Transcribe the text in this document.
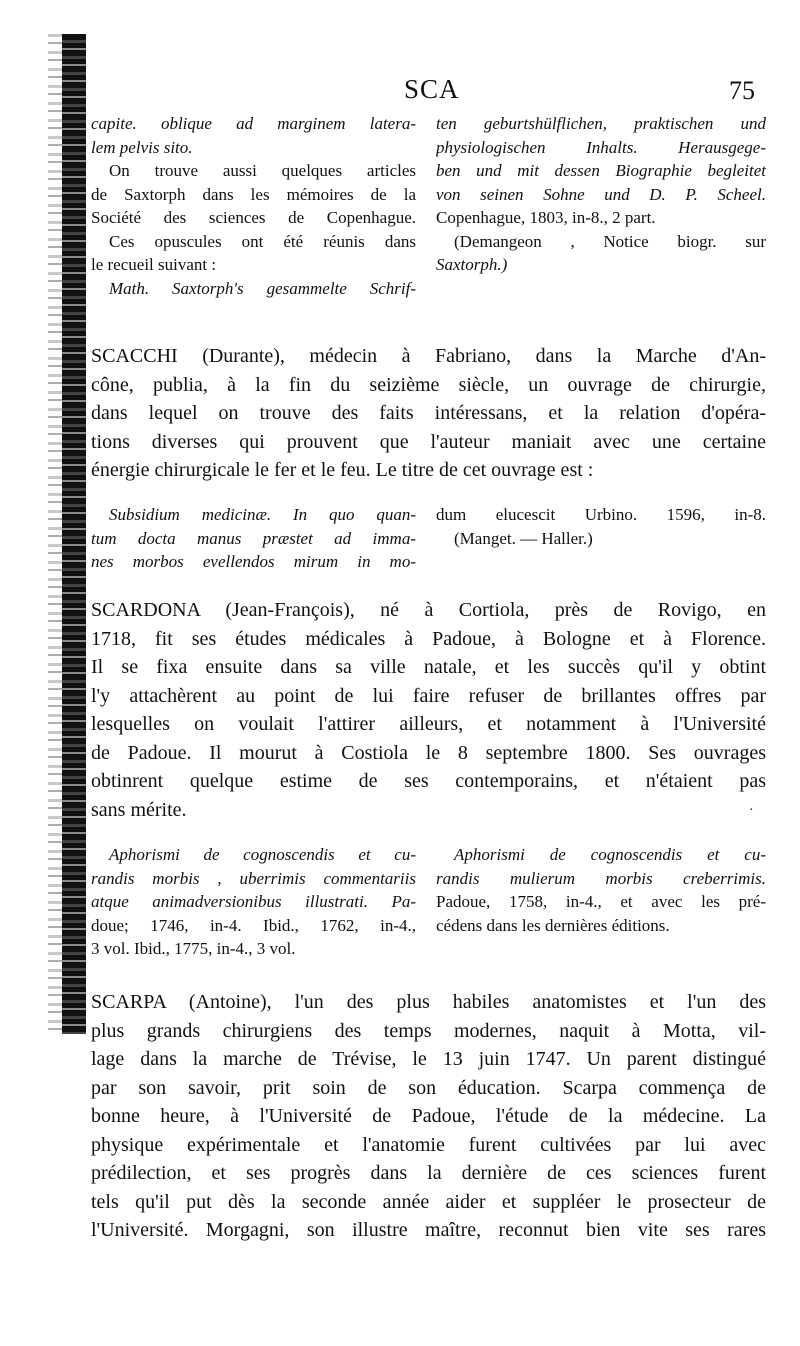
SCA	75
capite. oblique ad marginem latera-
lem pelvis sito.
On trouve aussi quelques articles
de Saxtorph dans les mémoires de la
Société des sciences de Copenhague.
Ces opuscules ont été réunis dans
le recueil suivant :
Math. Saxtorph's gesammelte Schrif-
ten geburtshülflichen, praktischen und
physiologischen Inhalts. Herausgege-
ben und mit dessen Biographie begleitet
von seinen Sohne und D. P. Scheel.
Copenhague, 1803, in-8., 2 part.
(Demangeon , Notice biogr. sur
Saxtorph.)
SCACCHI (Durante), médecin à Fabriano, dans la Marche d'An-
cône, publia, à la fin du seizième siècle, un ouvrage de chirurgie,
dans lequel on trouve des faits intéressans, et la relation d'opéra-
tions diverses qui prouvent que l'auteur maniait avec une certaine
énergie chirurgicale le fer et le feu. Le titre de cet ouvrage est :
Subsidium medicinæ. In quo quan-
tum docta manus præstet ad imma-
nes morbos evellendos mirum in mo-
dum elucescit Urbino. 1596, in-8.
(Manget. — Haller.)
SCARDONA (Jean-François), né à Cortiola, près de Rovigo, en
1718, fit ses études médicales à Padoue, à Bologne et à Florence.
Il se fixa ensuite dans sa ville natale, et les succès qu'il y obtint
l'y attachèrent au point de lui faire refuser de brillantes offres par
lesquelles on voulait l'attirer ailleurs, et notamment à l'Université
de Padoue. Il mourut à Costiola le 8 septembre 1800. Ses ouvrages
obtinrent quelque estime de ses contemporains, et n'étaient pas
sans mérite.	·
Aphorismi de cognoscendis et cu-
randis morbis , uberrimis commentariis
atque animadversionibus illustrati. Pa-
doue; 1746, in-4. Ibid., 1762, in-4.,
3 vol. Ibid., 1775, in-4., 3 vol.
Aphorismi de cognoscendis et cu-
randis mulierum morbis creberrimis.
Padoue, 1758, in-4., et avec les pré-
cédens dans les dernières éditions.
SCARPA (Antoine), l'un des plus habiles anatomistes et l'un des
plus grands chirurgiens des temps modernes, naquit à Motta, vil-
lage dans la marche de Trévise, le 13 juin 1747. Un parent distingué
par son savoir, prit soin de son éducation. Scarpa commença de
bonne heure, à l'Université de Padoue, l'étude de la médecine. La
physique expérimentale et l'anatomie furent cultivées par lui avec
prédilection, et ses progrès dans la dernière de ces sciences furent
tels qu'il put dès la seconde année aider et suppléer le prosecteur de
l'Université. Morgagni, son illustre maître, reconnut bien vite ses rares
